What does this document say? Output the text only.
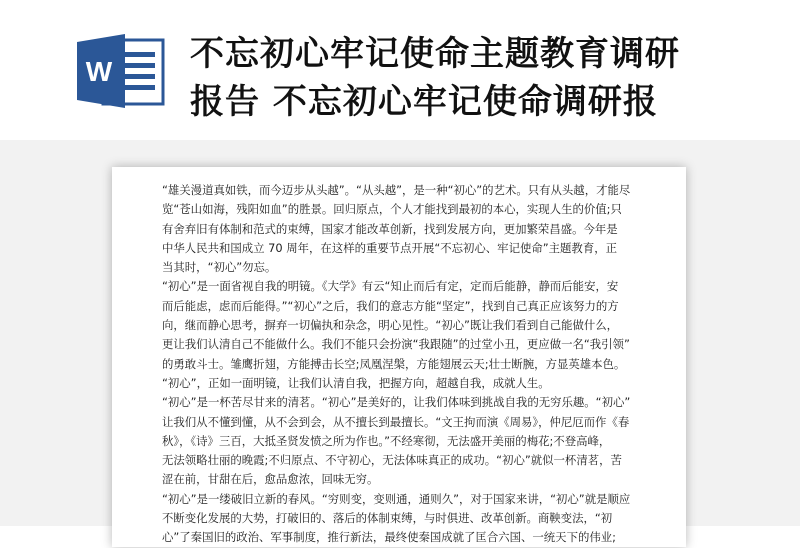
W 不忘初心牢记使命主题教育调研
报告 不忘初心牢记使命调研报
“雄关漫道真如铁，而今迈步从头越”。“从头越”，是一种“初心”的艺术。只有从头越，才能尽
览“苍山如海，残阳如血”的胜景。回归原点，个人才能找到最初的本心，实现人生的价值;只
有舍弃旧有体制和范式的束缚，国家才能改革创新，找到发展方向，更加繁荣昌盛。今年是
中华人民共和国成立 70 周年，在这样的重要节点开展“不忘初心、牢记使命”主题教育，正
当其时，“初心”勿忘。
“初心”是一面省视自我的明镜。《大学》有云“知止而后有定，定而后能静，静而后能安，安
而后能虑，虑而后能得。”“初心”之后，我们的意志方能“坚定”，找到自己真正应该努力的方
向，继而静心思考，摒弃一切偏执和杂念，明心见性。“初心”既让我们看到自己能做什么，
更让我们认清自己不能做什么。我们不能只会扮演“我跟随”的过堂小丑，更应做一名“我引领”
的勇敢斗士。雏鹰折翅，方能搏击长空;凤凰涅槃，方能翅展云天;壮士断腕，方显英雄本色。
“初心”，正如一面明镜，让我们认清自我，把握方向，超越自我，成就人生。
“初心”是一杯苦尽甘来的清茗。“初心”是美好的，让我们体味到挑战自我的无穷乐趣。“初心”
让我们从不懂到懂，从不会到会，从不擅长到最擅长。“文王拘而演《周易》，仲尼厄而作《春
秋》，《诗》三百，大抵圣贤发愤之所为作也。”不经寒彻，无法盛开美丽的梅花;不登高峰，
无法领略壮丽的晚霞;不归原点、不守初心，无法体味真正的成功。“初心”就似一杯清茗，苦
涩在前，甘甜在后，愈品愈浓，回味无穷。
“初心”是一缕破旧立新的春风。“穷则变，变则通，通则久”，对于国家来讲，“初心”就是顺应
不断变化发展的大势，打破旧的、落后的体制束缚，与时俱进、改革创新。商鞅变法，“初
心”了秦国旧的政治、军事制度，推行新法，最终使秦国成就了匡合六国、一统天下的伟业;
